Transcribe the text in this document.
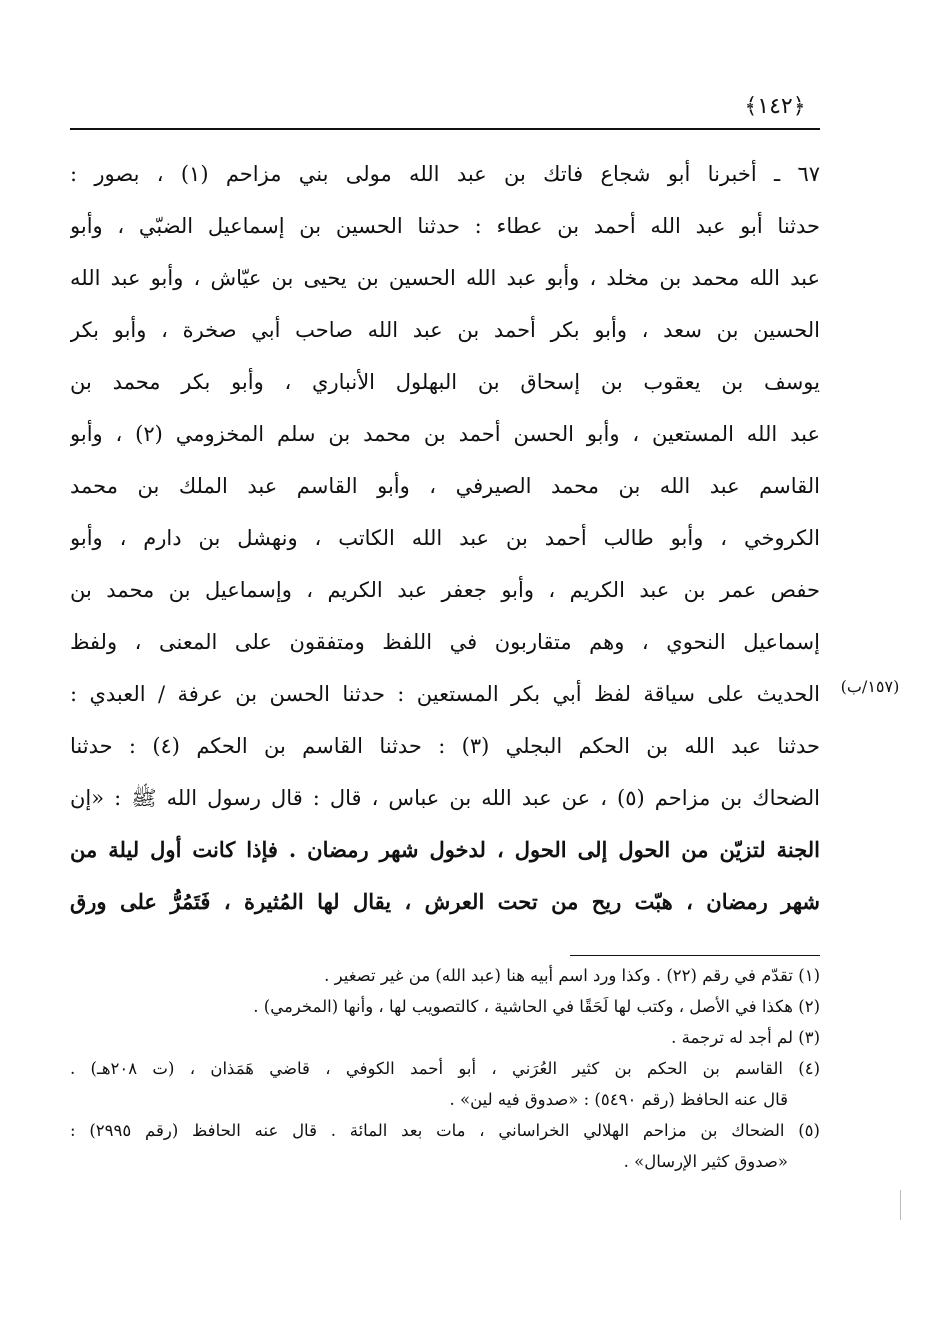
﴿١٤٢﴾
٦٧ ـ أخبرنا أبو شجاع فاتك بن عبد الله مولى بني مزاحم (١) ، بصور :
حدثنا أبو عبد الله أحمد بن عطاء : حدثنا الحسين بن إسماعيل الضبّي ، وأبو
عبد الله محمد بن مخلد ، وأبو عبد الله الحسين بن يحيى بن عيّاش ، وأبو عبد الله
الحسين بن سعد ، وأبو بكر أحمد بن عبد الله صاحب أبي صخرة ، وأبو بكر
يوسف بن يعقوب بن إسحاق بن البهلول الأنباري ، وأبو بكر محمد بن
عبد الله المستعين ، وأبو الحسن أحمد بن محمد بن سلم المخزومي (٢) ، وأبو
القاسم عبد الله بن محمد الصيرفي ، وأبو القاسم عبد الملك بن محمد
الكروخي ، وأبو طالب أحمد بن عبد الله الكاتب ، ونهشل بن دارم ، وأبو
حفص عمر بن عبد الكريم ، وأبو جعفر عبد الكريم ، وإسماعيل بن محمد بن
إسماعيل النحوي ، وهم متقاربون في اللفظ ومتفقون على المعنى ، ولفظ
الحديث على سياقة لفظ أبي بكر المستعين : حدثنا الحسن بن عرفة / العبدي :
حدثنا عبد الله بن الحكم البجلي (٣) : حدثنا القاسم بن الحكم (٤) : حدثنا
الضحاك بن مزاحم (٥) ، عن عبد الله بن عباس ، قال : قال رسول الله ﷺ : «إن
الجنة لتزيّن من الحول إلى الحول ، لدخول شهر رمضان . فإذا كانت أول ليلة من
شهر رمضان ، هبّت ريح من تحت العرش ، يقال لها المُثيرة ، فَتَمُرُّ على ورق
(١٥٧/ب)
(١) تقدّم في رقم (٢٢) . وكذا ورد اسم أبيه هنا (عبد الله) من غير تصغير .
(٢) هكذا في الأصل ، وكتب لها لَحَقًا في الحاشية ، كالتصويب لها ، وأنها (المخرمي) .
(٣) لم أجد له ترجمة .
(٤) القاسم بن الحكم بن كثير العُرَني ، أبو أحمد الكوفي ، قاضي هَمَذان ، (ت ٢٠٨هـ) .
قال عنه الحافظ (رقم ٥٤٩٠) : «صدوق فيه لين» .
(٥) الضحاك بن مزاحم الهلالي الخراساني ، مات بعد المائة . قال عنه الحافظ (رقم ٢٩٩٥) :
«صدوق كثير الإرسال» .
